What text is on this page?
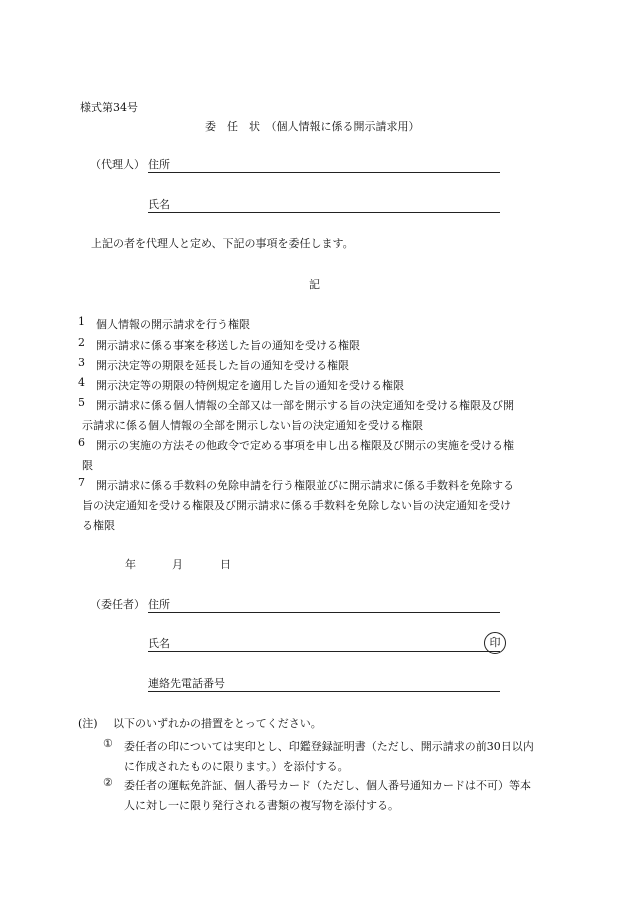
様式第34号
委　任　状　（個人情報に係る開示請求用）
（代理人） 住所
氏名
上記の者を代理人と定め、下記の事項を委任します。
記
1	個人情報の開示請求を行う権限
2	開示請求に係る事案を移送した旨の通知を受ける権限
3	開示決定等の期限を延長した旨の通知を受ける権限
4	開示決定等の期限の特例規定を適用した旨の通知を受ける権限
5	開示請求に係る個人情報の全部又は一部を開示する旨の決定通知を受ける権限及び開
示請求に係る個人情報の全部を開示しない旨の決定通知を受ける権限
6	開示の実施の方法その他政令で定める事項を申し出る権限及び開示の実施を受ける権
限
7	開示請求に係る手数料の免除申請を行う権限並びに開示請求に係る手数料を免除する
旨の決定通知を受ける権限及び開示請求に係る手数料を免除しない旨の決定通知を受け
る権限
年	月	日
（委任者） 住所
氏名	印
連絡先電話番号
(注) 以下のいずれかの措置をとってください。
①	委任者の印については実印とし、印鑑登録証明書（ただし、開示請求の前30日以内
に作成されたものに限ります。）を添付する。
②	委任者の運転免許証、個人番号カード（ただし、個人番号通知カードは不可）等本
人に対し一に限り発行される書類の複写物を添付する。
